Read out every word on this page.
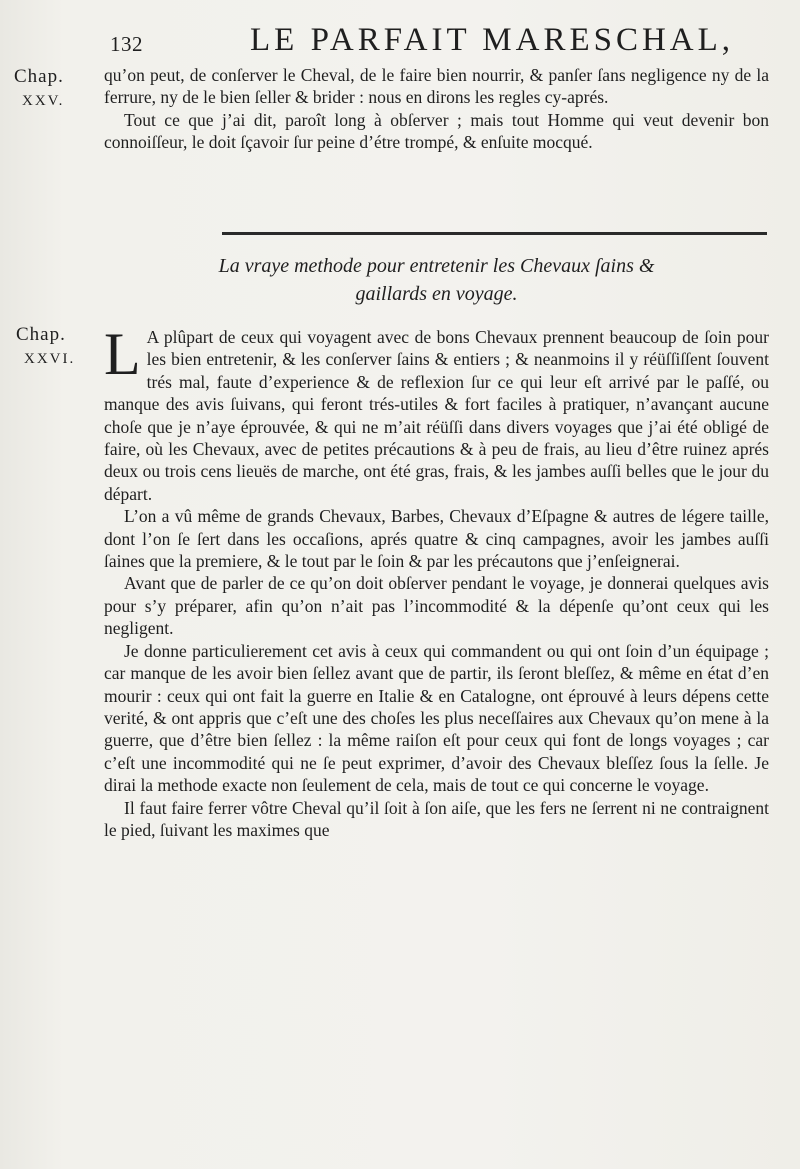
132	LE PARFAIT MARESCHAL,
Chap.
XXV.

qu’on peut, de conſerver le Cheval, de le faire bien nourrir, & panſer ſans negligence ny de la ferrure, ny de le bien ſeller & brider : nous en dirons les regles cy-aprés.

Tout ce que j’ai dit, paroît long à obſerver ; mais tout Homme qui veut devenir bon connoiſſeur, le doit ſçavoir ſur peine d’étre trompé, & enſuite mocqué.

La vraye methode pour entretenir les Chevaux ſains &
gaillards en voyage.
Chap.
XXVI. L A plûpart de ceux qui voyagent avec de bons Chevaux prennent beaucoup de ſoin pour les bien entretenir, & les conſerver ſains & entiers ; & neanmoins il y réüſſiſſent ſouvent trés mal, faute d’experience & de reflexion ſur ce qui leur eſt arrivé par le paſſé, ou manque des avis ſuivans, qui feront trés-utiles & fort faciles à pratiquer, n’avançant aucune choſe que je n’aye éprouvée, & qui ne m’ait réüſſi dans divers voyages que j’ai été obligé de faire, où les Chevaux, avec de petites précautions & à peu de frais, au lieu d’être ruinez aprés deux ou trois cens lieuës de marche, ont été gras, frais, & les jambes auſſi belles que le jour du départ.

L’on a vû même de grands Chevaux, Barbes, Chevaux d’Eſpagne & autres de légere taille, dont l’on ſe ſert dans les occaſions, aprés quatre & cinq campagnes, avoir les jambes auſſi ſaines que la premiere, & le tout par le ſoin & par les précautons que j’enſeignerai.

Avant que de parler de ce qu’on doit obſerver pendant le voyage, je donnerai quelques avis pour s’y préparer, afin qu’on n’ait pas l’incommodité & la dépenſe qu’ont ceux qui les negligent.

Je donne particulierement cet avis à ceux qui commandent ou qui ont ſoin d’un équipage ; car manque de les avoir bien ſellez avant que de partir, ils ſeront bleſſez, & même en état d’en mourir : ceux qui ont fait la guerre en Italie & en Catalogne, ont éprouvé à leurs dépens cette verité, & ont appris que c’eſt une des choſes les plus neceſſaires aux Chevaux qu’on mene à la guerre, que d’être bien ſellez : la même raiſon eſt pour ceux qui font de longs voyages ; car c’eſt une incommodité qui ne ſe peut exprimer, d’avoir des Chevaux bleſſez ſous la ſelle. Je dirai la methode exacte non ſeulement de cela, mais de tout ce qui concerne le voyage.

Il faut faire ferrer vôtre Cheval qu’il ſoit à ſon aiſe, que les fers ne ſerrent ni ne contraignent le pied, ſuivant les maximes que
